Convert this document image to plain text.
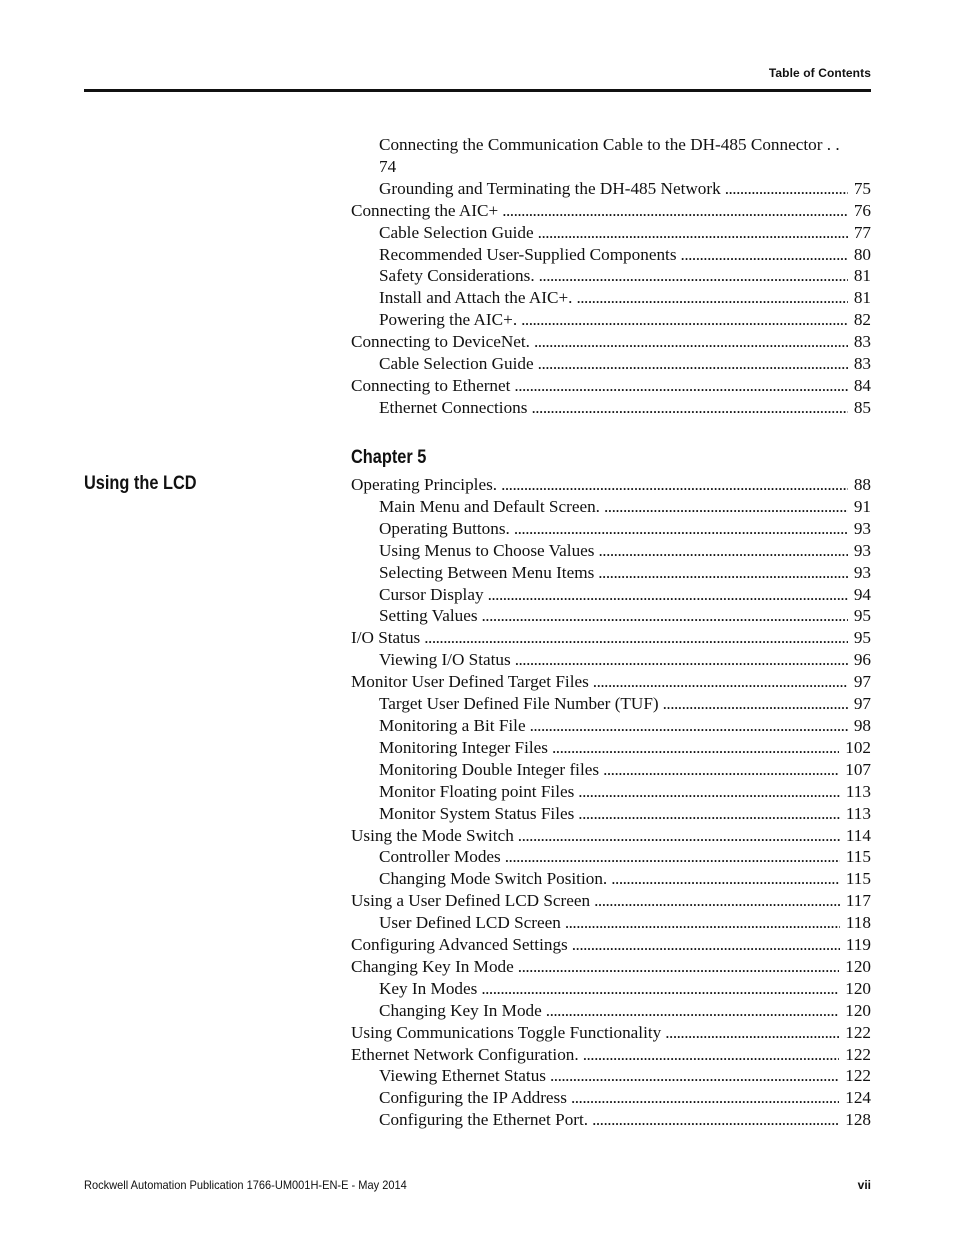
Table of Contents
Connecting the Communication Cable to the DH-485 Connector . .
74
Grounding and Terminating the DH-485 Network . . .	75
Connecting the AIC+ . . .	76
Cable Selection Guide . . .	77
Recommended User-Supplied Components . . .	80
Safety Considerations. . . .	81
Install and Attach the AIC+. . . .	81
Powering the AIC+. . . .	82
Connecting to DeviceNet. . . .	83
Cable Selection Guide . . .	83
Connecting to Ethernet . . .	84
Ethernet Connections . . .	85
Chapter 5
Using the LCD	Operating Principles. . . .	88
Main Menu and Default Screen. . . .	91
Operating Buttons. . . .	93
Using Menus to Choose Values . . .	93
Selecting Between Menu Items . . .	93
Cursor Display . . .	94
Setting Values . . .	95
I/O Status . . .	95
Viewing I/O Status . . .	96
Monitor User Defined Target Files . . .	97
Target User Defined File Number (TUF) . . .	97
Monitoring a Bit File . . .	98
Monitoring Integer Files . . .	102
Monitoring Double Integer files . . .	107
Monitor Floating point Files . . .	113
Monitor System Status Files . . .	113
Using the Mode Switch . . .	114
Controller Modes . . .	115
Changing Mode Switch Position. . . .	115
Using a User Defined LCD Screen . . .	117
User Defined LCD Screen . . .	118
Configuring Advanced Settings . . .	119
Changing Key In Mode . . .	120
Key In Modes . . .	120
Changing Key In Mode . . .	120
Using Communications Toggle Functionality . . .	122
Ethernet Network Configuration. . . .	122
Viewing Ethernet Status . . .	122
Configuring the IP Address . . .	124
Configuring the Ethernet Port. . . .	128
Rockwell Automation Publication 1766-UM001H-EN-E - May 2014	vii
